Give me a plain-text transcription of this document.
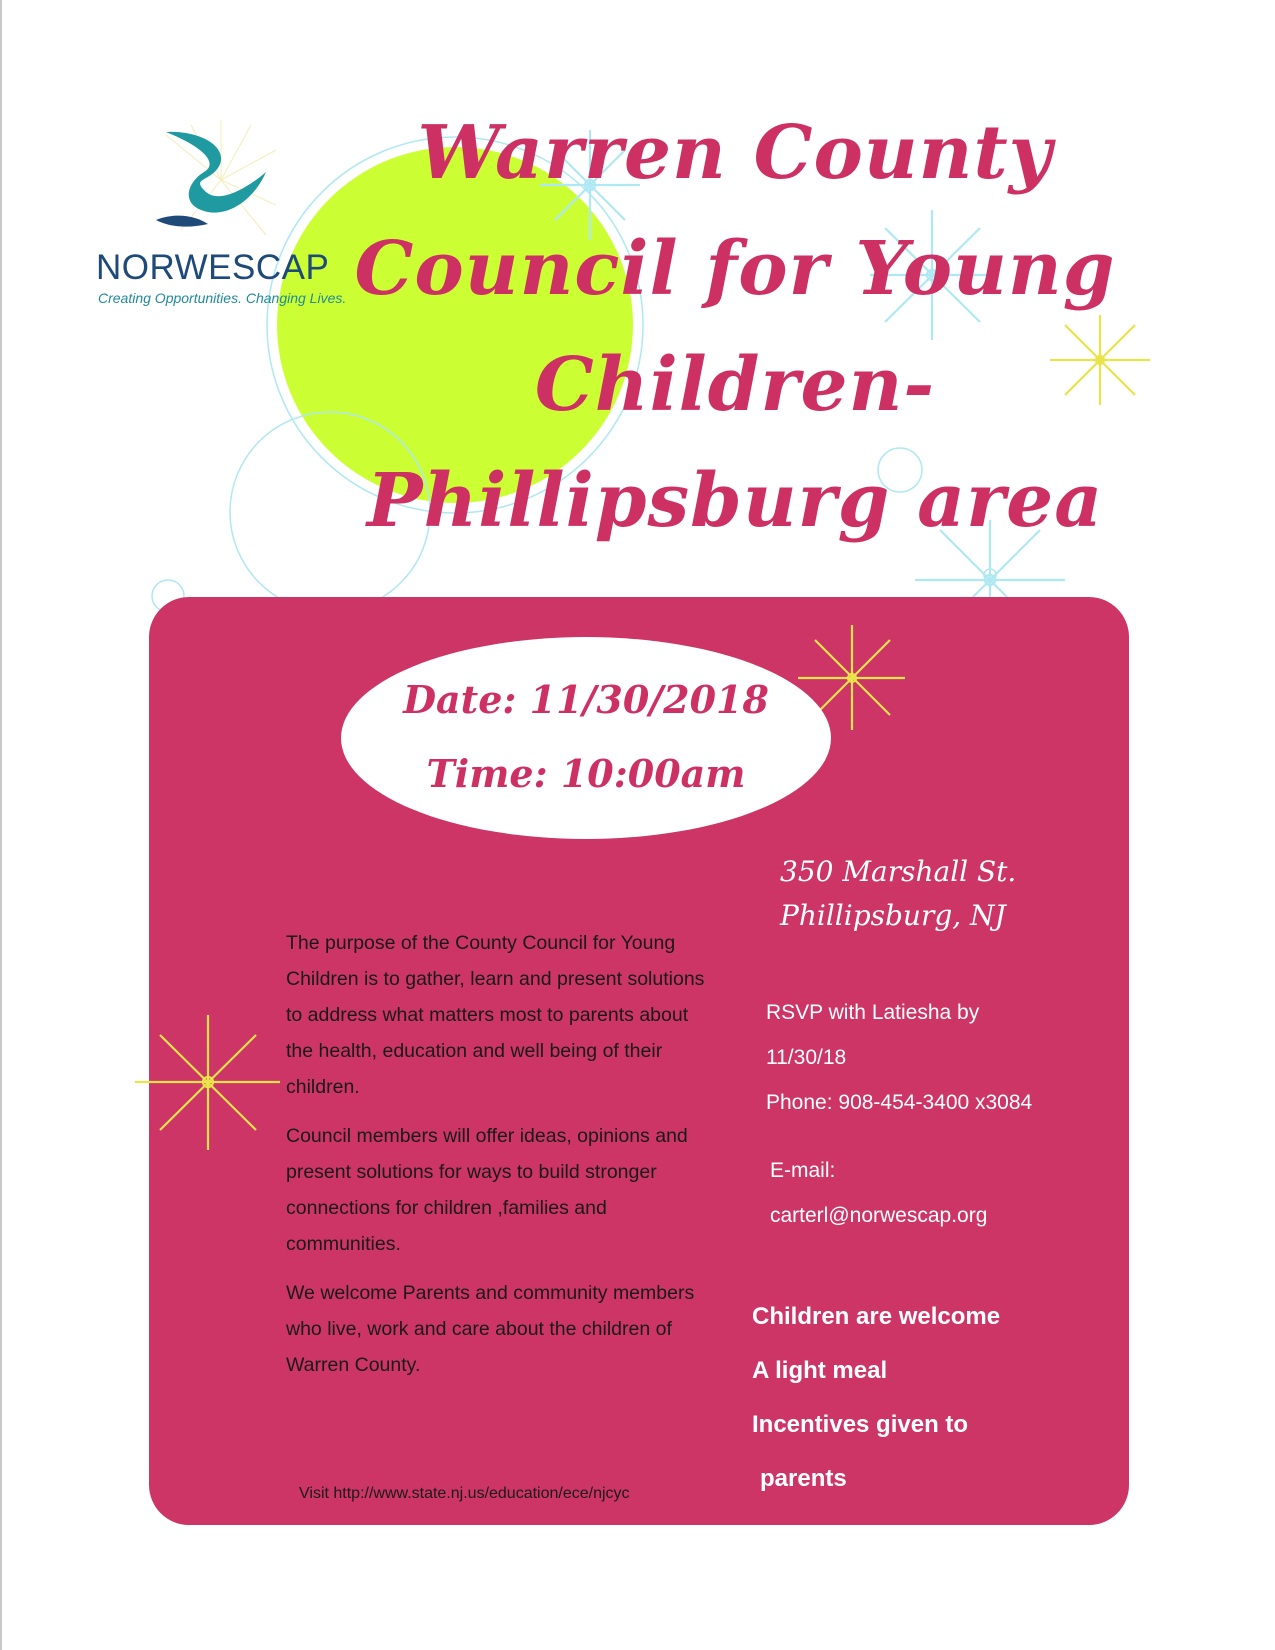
NORWESCAP
Creating Opportunities. Changing Lives.
Warren County
Council for Young
Children-
Phillipsburg area
Date: 11/30/2018
Time: 10:00am
350 Marshall St.
Phillipsburg, NJ

The purpose of the County Council for Young Children is to gather, learn and present solutions to address what matters most to parents about the health, education and well being of their children.

Council members will offer ideas, opinions and present solutions for ways to build stronger connections for children ,families and communities.

We welcome Parents and community members who live, work and care about the children of Warren County.

RSVP with Latiesha by
11/30/18
Phone: 908-454-3400 x3084
E-mail:
carterl@norwescap.org
Children are welcome
A light meal
Incentives given to
parents
Visit http://www.state.nj.us/education/ece/njcyc
